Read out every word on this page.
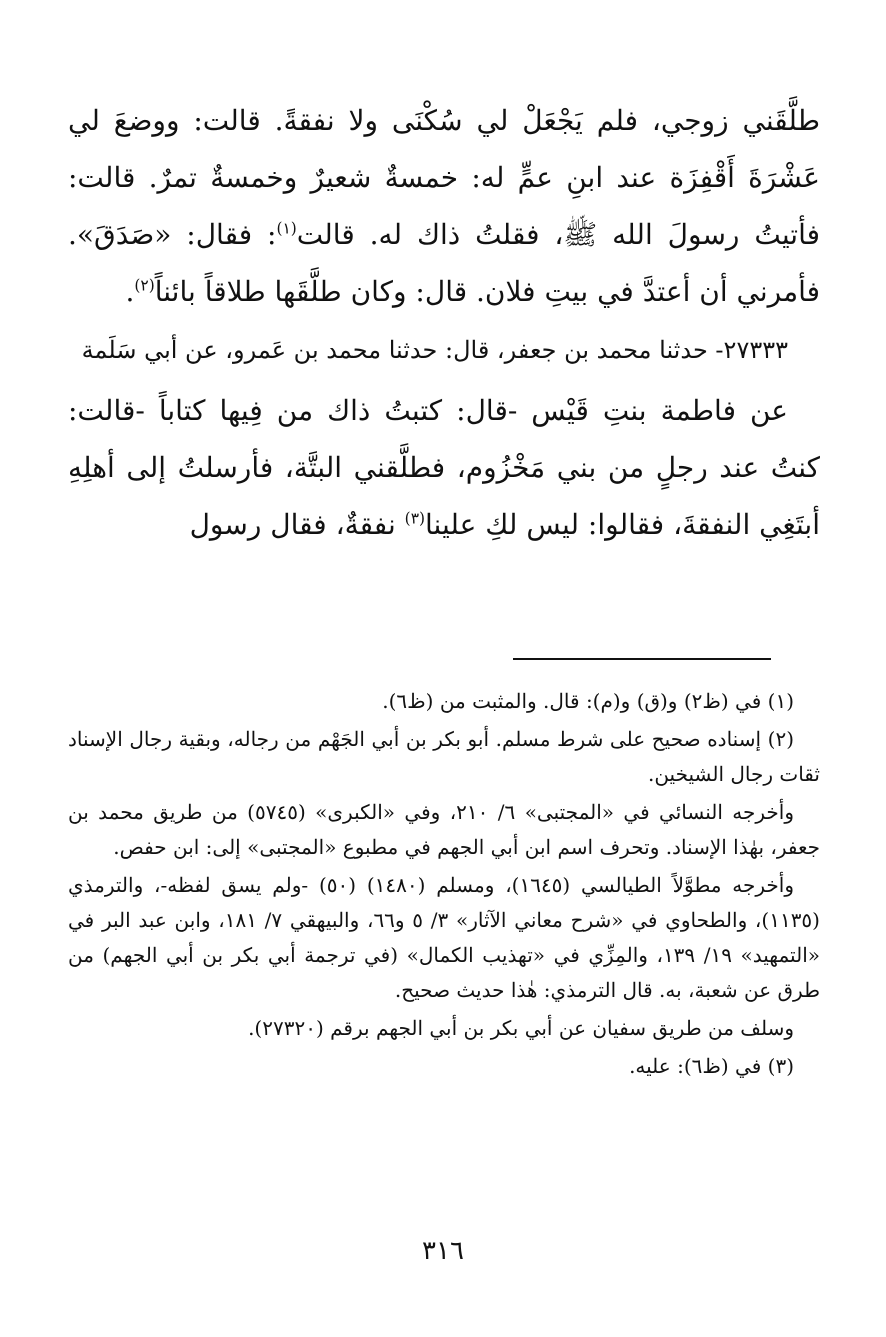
طلَّقَني زوجي، فلم يَجْعَلْ لي سُكْنَى ولا نفقةً. قالت: ووضعَ لي عَشْرَةَ أَقْفِزَة عند ابنِ عمٍّ له: خمسةٌ شعيرٌ وخمسةٌ تمرٌ. قالت: فأتيتُ رسولَ الله ﷺ، فقلتُ ذاك له. قالت$^{(١)}$: فقال: «صَدَقَ». فأمرني أن أعتدَّ في بيتِ فلان. قال: وكان طلَّقَها طلاقاً بائناً$^{(٢)}$.

٢٧٣٣٣- حدثنا محمد بن جعفر، قال: حدثنا محمد بن عَمرو، عن أبي سَلَمة

عن فاطمة بنتِ قَيْس -قال: كتبتُ ذاك من فِيها كتاباً -قالت: كنتُ عند رجلٍ من بني مَخْزُوم، فطلَّقني البتَّة، فأرسلتُ إلى أهلِهِ أبتَغِي النفقةَ، فقالوا: ليس لكِ علينا$^{(٣)}$ نفقةٌ، فقال رسول

(١) في (ظ٢) و(ق) و(م): قال. والمثبت من (ظ٦).

(٢) إسناده صحيح على شرط مسلم. أبو بكر بن أبي الجَهْم من رجاله، وبقية رجال الإسناد ثقات رجال الشيخين.

وأخرجه النسائي في «المجتبى» ٦/ ٢١٠، وفي «الكبرى» (٥٧٤٥) من طريق محمد بن جعفر، بهٰذا الإسناد. وتحرف اسم ابن أبي الجهم في مطبوع «المجتبى» إلى: ابن حفص.

وأخرجه مطوَّلاً الطيالسي (١٦٤٥)، ومسلم (١٤٨٠) (٥٠) -ولم يسق لفظه-، والترمذي (١١٣٥)، والطحاوي في «شرح معاني الآثار» ٣/ ٥ و٦٦، والبيهقي ٧/ ١٨١، وابن عبد البر في «التمهيد» ١٩/ ١٣٩، والمِزِّي في «تهذيب الكمال» (في ترجمة أبي بكر بن أبي الجهم) من طرق عن شعبة، به. قال الترمذي: هٰذا حديث صحيح.

وسلف من طريق سفيان عن أبي بكر بن أبي الجهم برقم (٢٧٣٢٠).

(٣) في (ظ٦): عليه.

٣١٦
